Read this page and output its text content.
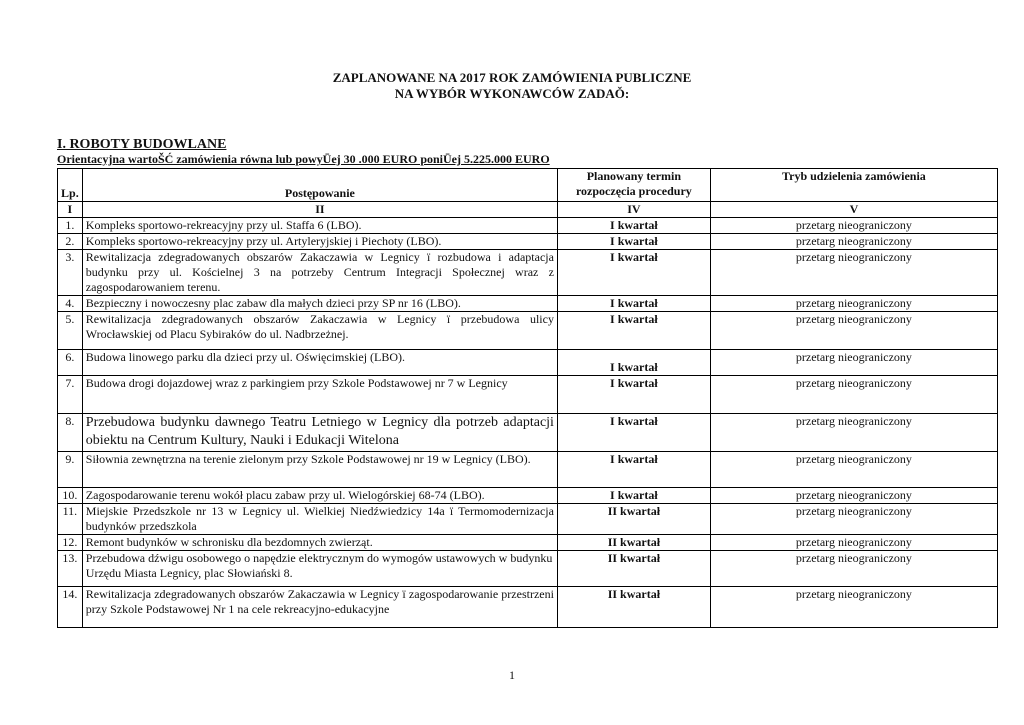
ZAPLANOWANE NA 2017 ROK ZAMÓWIENIA PUBLICZNE
NA WYBÓR WYKONAWCÓW ZADAǑ:
I. ROBOTY BUDOWLANE
Orientacyjna wartoŠĆ zamówienia równa lub powyŪej 30 .000 EURO poniŪej 5.225.000 EURO
Lp.	Postępowanie	Planowany termin rozpoczęcia procedury	Tryb udzielenia zamówienia
I	II	IV	V
1.	Kompleks sportowo-rekreacyjny przy ul. Staffa 6 (LBO).	I kwartał	przetarg nieograniczony
2.	Kompleks sportowo-rekreacyjny przy ul. Artyleryjskiej i Piechoty (LBO).	I kwartał	przetarg nieograniczony
3.	Rewitalizacja zdegradowanych obszarów Zakaczawia w Legnicy ï rozbudowa i adaptacja budynku przy ul. Kościelnej 3 na potrzeby Centrum Integracji Społecznej wraz z zagospodarowaniem terenu.	I kwartał	przetarg nieograniczony
4.	Bezpieczny i nowoczesny plac zabaw dla małych dzieci przy SP nr 16 (LBO).	I kwartał	przetarg nieograniczony
5.	Rewitalizacja zdegradowanych obszarów Zakaczawia w Legnicy ï przebudowa ulicy Wrocławskiej od Placu Sybiraków do ul. Nadbrzeżnej.	I kwartał	przetarg nieograniczony
6.	Budowa linowego parku dla dzieci przy ul. Oświęcimskiej (LBO).	I kwartał	przetarg nieograniczony
7.	Budowa drogi dojazdowej wraz z parkingiem przy Szkole Podstawowej nr 7 w Legnicy	I kwartał	przetarg nieograniczony
8.	Przebudowa budynku dawnego Teatru Letniego w Legnicy dla potrzeb adaptacji obiektu na Centrum Kultury, Nauki i Edukacji Witelona	I kwartał	przetarg nieograniczony
9.	Siłownia zewnętrzna na terenie zielonym przy Szkole Podstawowej nr 19 w Legnicy (LBO).	I kwartał	przetarg nieograniczony
10.	Zagospodarowanie terenu wokół placu zabaw przy ul. Wielogórskiej 68-74 (LBO).	I kwartał	przetarg nieograniczony
11.	Miejskie Przedszkole nr 13 w Legnicy ul. Wielkiej Niedźwiedzicy 14a ï Termomodernizacja budynków przedszkola	II kwartał	przetarg nieograniczony
12.	Remont budynków w schronisku dla bezdomnych zwierząt.	II kwartał	przetarg nieograniczony
13.	Przebudowa dźwigu osobowego o napędzie elektrycznym do wymogów ustawowych w budynku Urzędu Miasta Legnicy, plac Słowiański 8.	II kwartał	przetarg nieograniczony
14.	Rewitalizacja zdegradowanych obszarów Zakaczawia w Legnicy ï zagospodarowanie przestrzeni przy Szkole Podstawowej Nr 1 na cele rekreacyjno-edukacyjne	II kwartał	przetarg nieograniczony
1
